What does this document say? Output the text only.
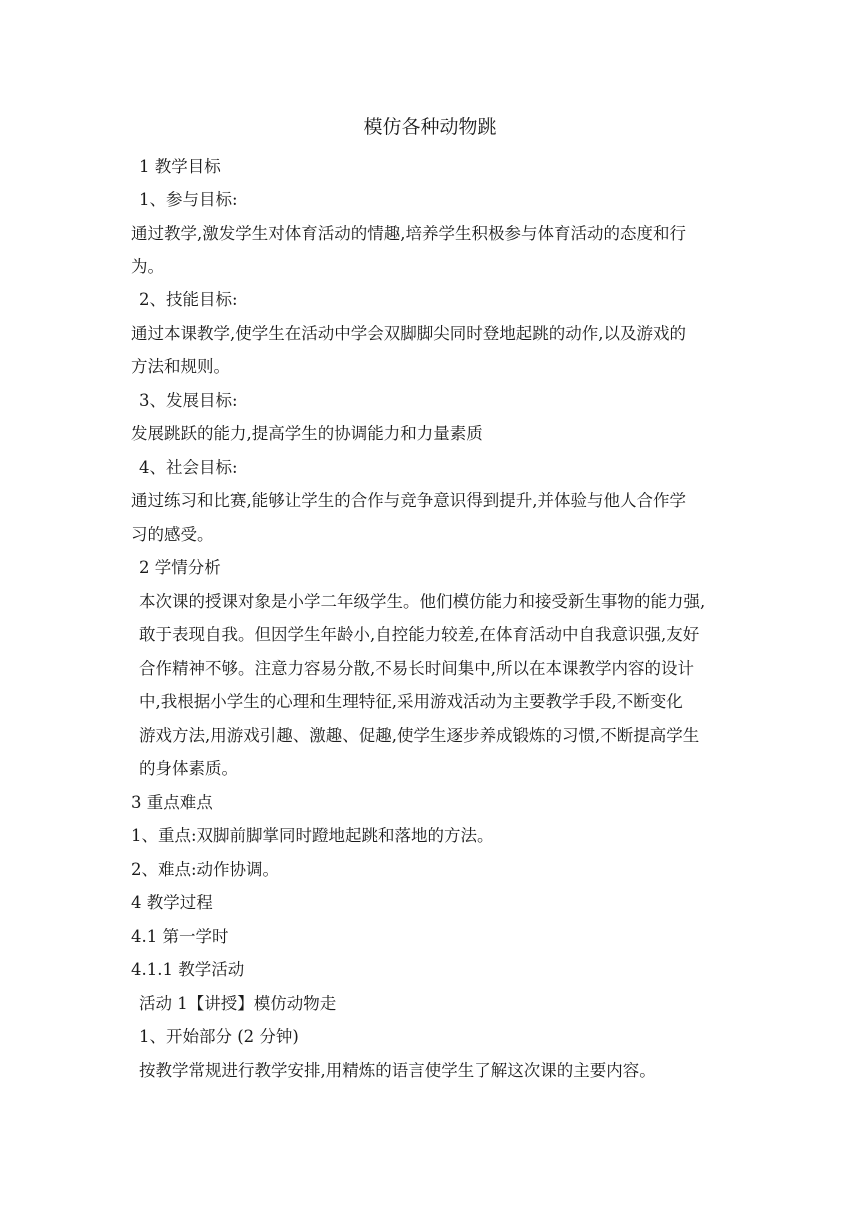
模仿各种动物跳
1 教学目标
1、参与目标:
通过教学,激发学生对体育活动的情趣,培养学生积极参与体育活动的态度和行
为。
2、技能目标:
通过本课教学,使学生在活动中学会双脚脚尖同时登地起跳的动作,以及游戏的
方法和规则。
3、发展目标:
发展跳跃的能力,提高学生的协调能力和力量素质
4、社会目标:
通过练习和比赛,能够让学生的合作与竞争意识得到提升,并体验与他人合作学
习的感受。
2 学情分析
本次课的授课对象是小学二年级学生。他们模仿能力和接受新生事物的能力强,
敢于表现自我。但因学生年龄小,自控能力较差,在体育活动中自我意识强,友好
合作精神不够。注意力容易分散,不易长时间集中,所以在本课教学内容的设计
中,我根据小学生的心理和生理特征,采用游戏活动为主要教学手段,不断变化
游戏方法,用游戏引趣、激趣、促趣,使学生逐步养成锻炼的习惯,不断提高学生
的身体素质。
3 重点难点
1、重点:双脚前脚掌同时蹬地起跳和落地的方法。
2、难点:动作协调。
4 教学过程
4.1 第一学时
4.1.1 教学活动
活动 1【讲授】模仿动物走
1、开始部分 (2 分钟)
按教学常规进行教学安排,用精炼的语言使学生了解这次课的主要内容。
